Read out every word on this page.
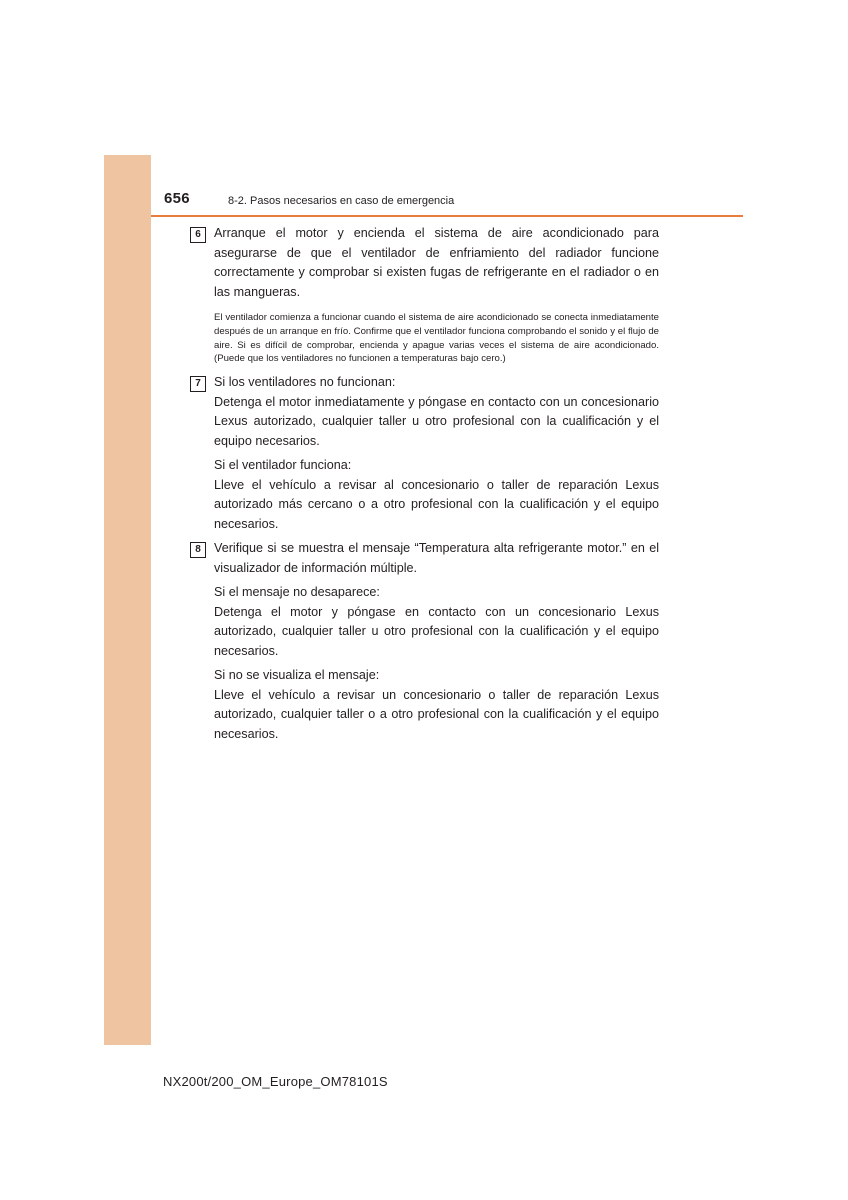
656	8-2. Pasos necesarios en caso de emergencia
6	Arranque el motor y encienda el sistema de aire acondicionado para asegurarse de que el ventilador de enfriamiento del radiador funcione correctamente y comprobar si existen fugas de refrigerante en el radiador o en las mangueras.

El ventilador comienza a funcionar cuando el sistema de aire acondicionado se conecta inmediatamente después de un arranque en frío. Confirme que el ventilador funciona comprobando el sonido y el flujo de aire. Si es difícil de comprobar, encienda y apague varias veces el sistema de aire acondicionado. (Puede que los ventiladores no funcionen a temperaturas bajo cero.)

7	Si los ventiladores no funcionan:

Detenga el motor inmediatamente y póngase en contacto con un concesionario Lexus autorizado, cualquier taller u otro profesional con la cualificación y el equipo necesarios.

Si el ventilador funciona:

Lleve el vehículo a revisar al concesionario o taller de reparación Lexus autorizado más cercano o a otro profesional con la cualificación y el equipo necesarios.

8	Verifique si se muestra el mensaje “Temperatura alta refrigerante motor.” en el visualizador de información múltiple.

Si el mensaje no desaparece:

Detenga el motor y póngase en contacto con un concesionario Lexus autorizado, cualquier taller u otro profesional con la cualificación y el equipo necesarios.

Si no se visualiza el mensaje:

Lleve el vehículo a revisar un concesionario o taller de reparación Lexus autorizado, cualquier taller o a otro profesional con la cualificación y el equipo necesarios.

NX200t/200_OM_Europe_OM78101S
